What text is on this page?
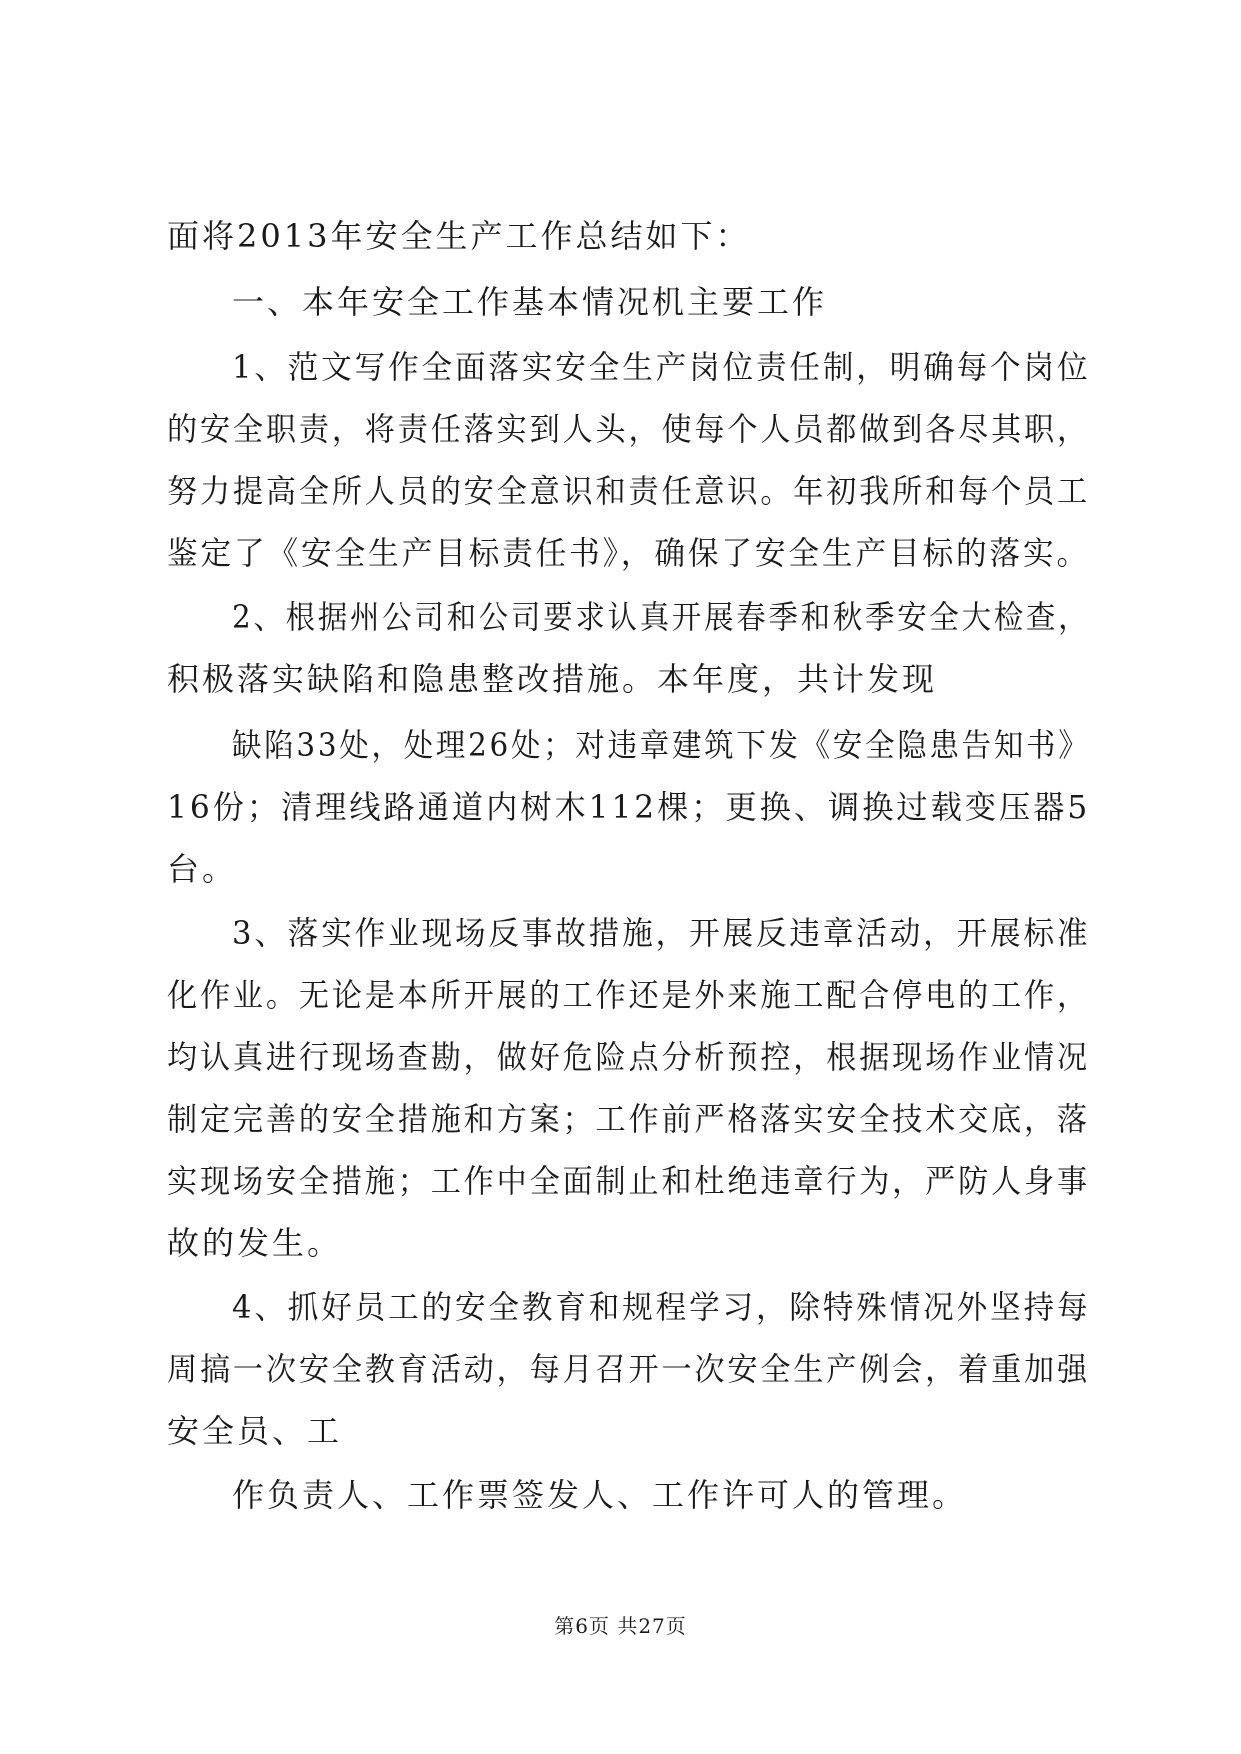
面将2013年安全生产工作总结如下：

一、本年安全工作基本情况机主要工作

1、范文写作全面落实安全生产岗位责任制，明确每个岗位

的安全职责，将责任落实到人头，使每个人员都做到各尽其职，

努力提高全所人员的安全意识和责任意识。年初我所和每个员工

鉴定了《安全生产目标责任书》，确保了安全生产目标的落实。

2、根据州公司和公司要求认真开展春季和秋季安全大检查，

积极落实缺陷和隐患整改措施。本年度，共计发现

缺陷33处，处理26处；对违章建筑下发《安全隐患告知书》

16份；清理线路通道内树木112棵；更换、调换过载变压器5

台。

3、落实作业现场反事故措施，开展反违章活动，开展标准

化作业。无论是本所开展的工作还是外来施工配合停电的工作，

均认真进行现场查勘，做好危险点分析预控，根据现场作业情况

制定完善的安全措施和方案；工作前严格落实安全技术交底，落

实现场安全措施；工作中全面制止和杜绝违章行为，严防人身事

故的发生。

4、抓好员工的安全教育和规程学习，除特殊情况外坚持每

周搞一次安全教育活动，每月召开一次安全生产例会，着重加强

安全员、工

作负责人、工作票签发人、工作许可人的管理。

第6页 共27页
